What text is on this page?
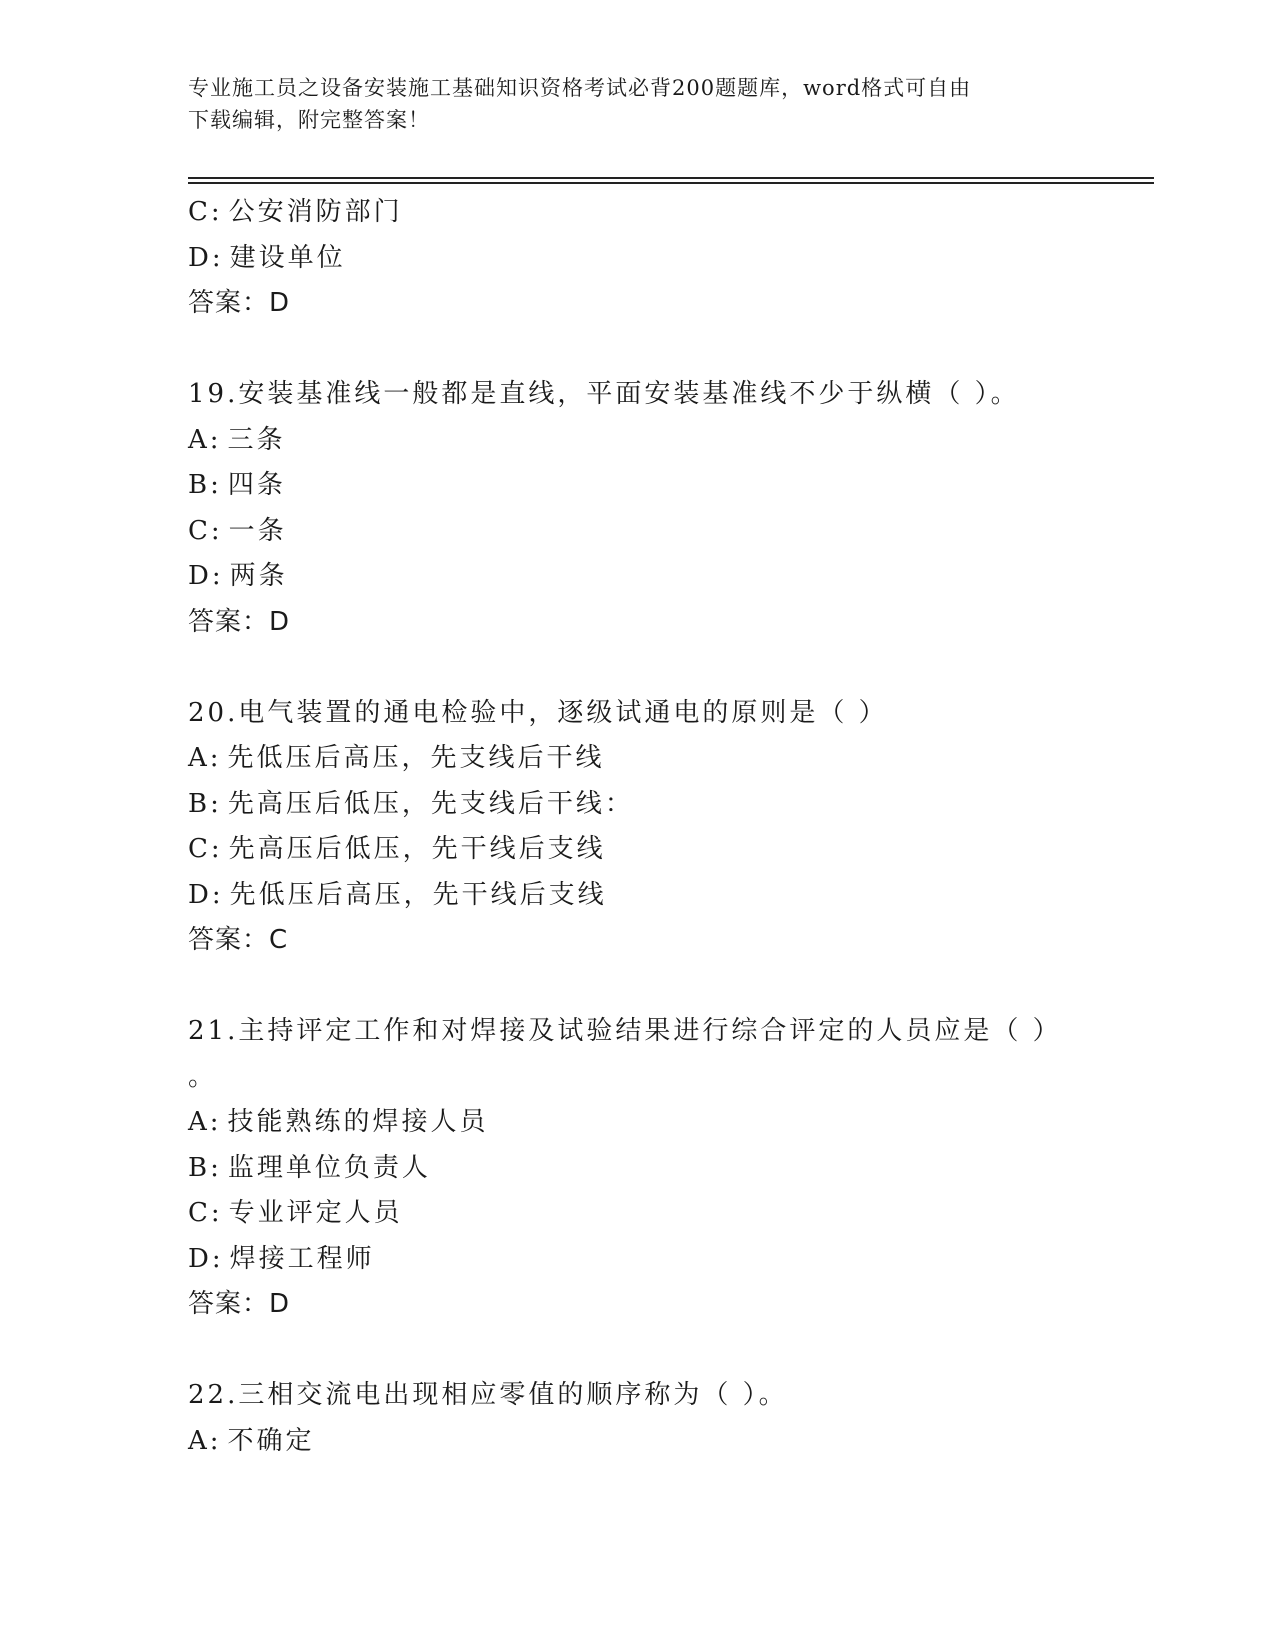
专业施工员之设备安装施工基础知识资格考试必背200题题库，word格式可自由
下载编辑，附完整答案！
C: 公安消防部门
D: 建设单位
答案：D
19.安装基准线一般都是直线，平面安装基准线不少于纵横（ ）。
A: 三条
B: 四条
C: 一条
D: 两条
答案：D
20.电气装置的通电检验中，逐级试通电的原则是（ ）
A: 先低压后高压，先支线后干线
B: 先高压后低压，先支线后干线：
C: 先高压后低压，先干线后支线
D: 先低压后高压，先干线后支线
答案：C
21.主持评定工作和对焊接及试验结果进行综合评定的人员应是（ ）
。
A: 技能熟练的焊接人员
B: 监理单位负责人
C: 专业评定人员
D: 焊接工程师
答案：D
22.三相交流电出现相应零值的顺序称为（ ）。
A: 不确定
